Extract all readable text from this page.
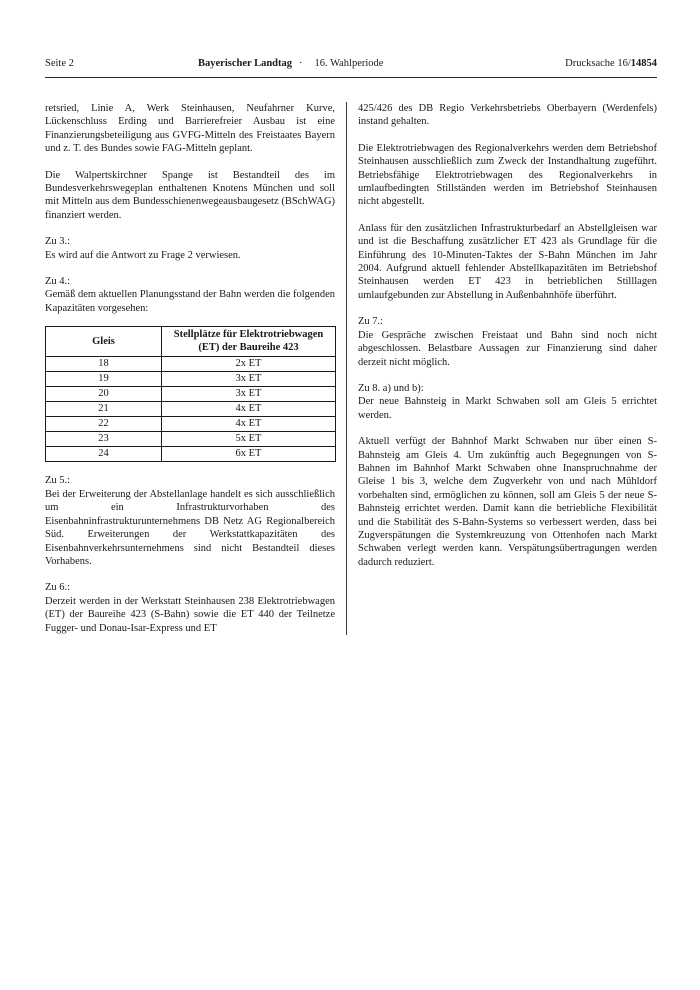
Seite 2	Bayerischer Landtag · 16. Wahlperiode	Drucksache 16/14854
retsried, Linie A, Werk Steinhausen, Neufahrner Kurve, Lückenschluss Erding und Barrierefreier Ausbau ist eine Finanzierungsbeteiligung aus GVFG-Mitteln des Freistaates Bayern und z. T. des Bundes sowie FAG-Mitteln geplant.
Die Walpertskirchner Spange ist Bestandteil des im Bundesverkehrswegeplan enthaltenen Knotens München und soll mit Mitteln aus dem Bundesschienenwegeausbaugesetz (BSchWAG) finanziert werden.
Zu 3.:
Es wird auf die Antwort zu Frage 2 verwiesen.
Zu 4.:
Gemäß dem aktuellen Planungsstand der Bahn werden die folgenden Kapazitäten vorgesehen:
Gleis	Stellplätze für Elektrotriebwagen (ET) der Baureihe 423
18	2x ET
19	3x ET
20	3x ET
21	4x ET
22	4x ET
23	5x ET
24	6x ET
Zu 5.:
Bei der Erweiterung der Abstellanlage handelt es sich ausschließlich um ein Infrastrukturvorhaben des Eisenbahninfrastrukturunternehmens DB Netz AG Regionalbereich Süd. Erweiterungen der Werkstattkapazitäten des Eisenbahnverkehrsunternehmens sind nicht Bestandteil dieses Vorhabens.
Zu 6.:
Derzeit werden in der Werkstatt Steinhausen 238 Elektrotriebwagen (ET) der Baureihe 423 (S-Bahn) sowie die ET 440 der Teilnetze Fugger- und Donau-Isar-Express und ET
425/426 des DB Regio Verkehrsbetriebs Oberbayern (Werdenfels) instand gehalten.
Die Elektrotriebwagen des Regionalverkehrs werden dem Betriebshof Steinhausen ausschließlich zum Zweck der Instandhaltung zugeführt. Betriebsfähige Elektrotriebwagen des Regionalverkehrs in umlaufbedingten Stillständen werden im Betriebshof Steinhausen nicht abgestellt.
Anlass für den zusätzlichen Infrastrukturbedarf an Abstellgleisen war und ist die Beschaffung zusätzlicher ET 423 als Grundlage für die Einführung des 10-Minuten-Taktes der S-Bahn München im Jahr 2004. Aufgrund aktuell fehlender Abstellkapazitäten im Betriebshof Steinhausen werden ET 423 in betrieblichen Stilllagen umlaufgebunden zur Abstellung in Außenbahnhöfe überführt.
Zu 7.:
Die Gespräche zwischen Freistaat und Bahn sind noch nicht abgeschlossen. Belastbare Aussagen zur Finanzierung sind daher derzeit nicht möglich.
Zu 8. a) und b):
Der neue Bahnsteig in Markt Schwaben soll am Gleis 5 errichtet werden.
Aktuell verfügt der Bahnhof Markt Schwaben nur über einen S-Bahnsteig am Gleis 4. Um zukünftig auch Begegnungen von S-Bahnen im Bahnhof Markt Schwaben ohne Inanspruchnahme der Gleise 1 bis 3, welche dem Zugverkehr von und nach Mühldorf vorbehalten sind, ermöglichen zu können, soll am Gleis 5 der neue S-Bahnsteig errichtet werden. Damit kann die betriebliche Flexibilität und die Stabilität des S-Bahn-Systems so verbessert werden, dass bei Zugverspätungen die Systemkreuzung von Ottenhofen nach Markt Schwaben verlegt werden kann. Verspätungsübertragungen werden dadurch reduziert.
